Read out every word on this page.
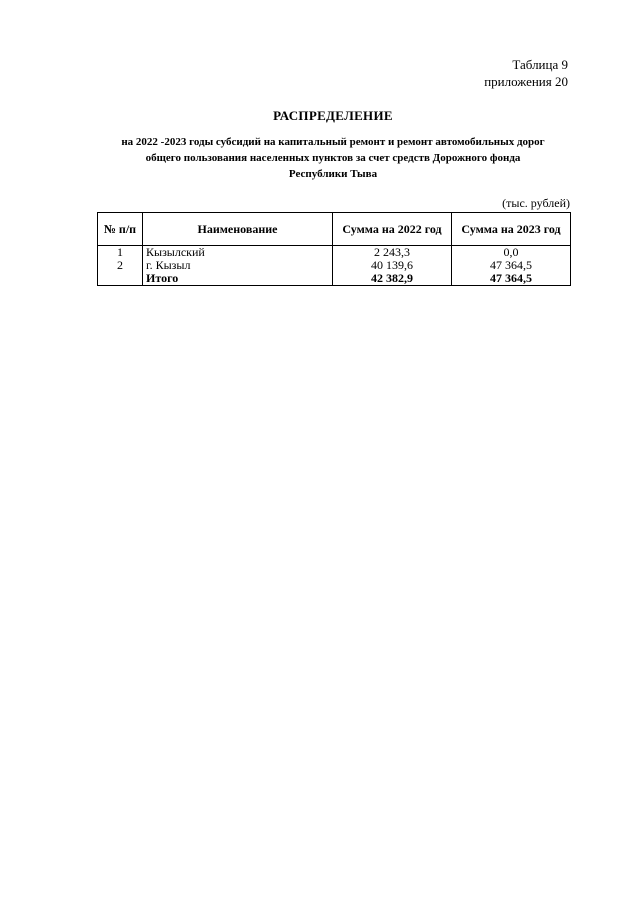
Таблица 9
приложения 20
РАСПРЕДЕЛЕНИЕ
на 2022 -2023 годы субсидий на капитальный ремонт и ремонт автомобильных дорог
общего пользования населенных пунктов за счет средств Дорожного фонда
Республики Тыва
(тыс. рублей)
№ п/п	Наименование	Сумма на 2022 год	Сумма на 2023 год
1	Кызылский	2 243,3	0,0
2	г. Кызыл	40 139,6	47 364,5
	Итого	42 382,9	47 364,5
